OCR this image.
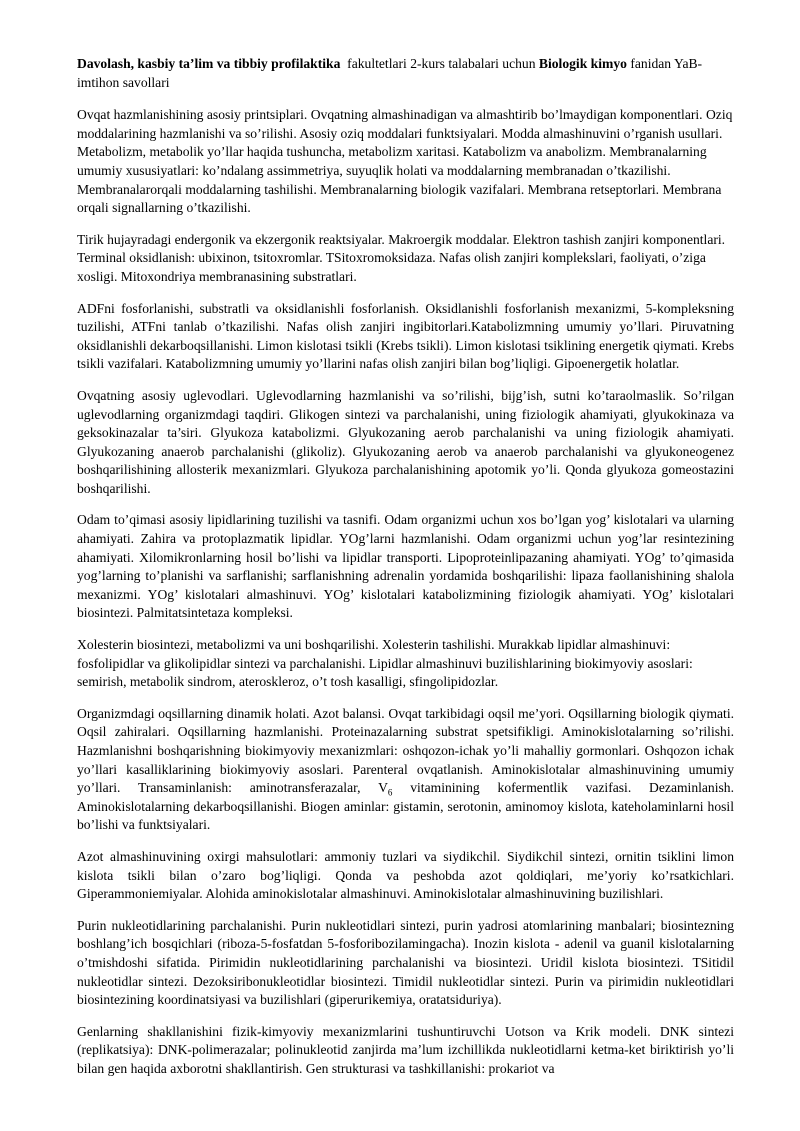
Davolash, kasbiy ta’lim va tibbiy profilaktika  fakultetlari 2-kurs talabalari uchun Biologik kimyo fanidan YaB-imtihon savollari

Ovqat hazmlanishining asosiy printsiplari. Ovqatning almashinadigan va almashtirib bo’lmaydigan komponentlari. Oziq moddalarining hazmlanishi va so’rilishi. Asosiy oziq moddalari funktsiyalari. Modda almashinuvini o’rganish usullari. Metabolizm, metabolik yo’llar haqida tushuncha, metabolizm xaritasi. Katabolizm va anabolizm. Membranalarning umumiy xususiyatlari: ko’ndalang assimmetriya, suyuqlik holati va moddalarning membranadan o’tkazilishi. Membranalarorqali moddalarning tashilishi. Membranalarning biologik vazifalari. Membrana retseptorlari. Membrana orqali signallarning o’tkazilishi.

Tirik hujayradagi endergonik va ekzergonik reaktsiyalar. Makroergik moddalar. Elektron tashish zanjiri komponentlari. Terminal oksidlanish: ubixinon, tsitoxromlar. TSitoxromoksidaza. Nafas olish zanjiri komplekslari, faoliyati, o’ziga xosligi. Mitoxondriya membranasining substratlari.

ADFni fosforlanishi, substratli va oksidlanishli fosforlanish. Oksidlanishli fosforlanish mexanizmi, 5-kompleksning tuzilishi, ATFni tanlab o’tkazilishi. Nafas olish zanjiri ingibitorlari.Katabolizmning umumiy yo’llari. Piruvatning oksidlanishli dekarboqsillanishi. Limon kislotasi tsikli (Krebs tsikli). Limon kislotasi tsiklining energetik qiymati. Krebs tsikli vazifalari. Katabolizmning umumiy yo’llarini nafas olish zanjiri bilan bog’liqligi. Gipoenergetik holatlar.

Ovqatning asosiy uglevodlari. Uglevodlarning hazmlanishi va so’rilishi, bijg’ish, sutni ko’taraolmaslik. So’rilgan uglevodlarning organizmdagi taqdiri. Glikogen sintezi va parchalanishi, uning fiziologik ahamiyati, glyukokinaza va geksokinazalar ta’siri. Glyukoza katabolizmi. Glyukozaning aerob parchalanishi va uning fiziologik ahamiyati. Glyukozaning anaerob parchalanishi (glikoliz). Glyukozaning aerob va anaerob parchalanishi va glyukoneogenez boshqarilishining allosterik mexanizmlari. Glyukoza parchalanishining apotomik yo’li. Qonda glyukoza gomeostazini boshqarilishi.

Odam to’qimasi asosiy lipidlarining tuzilishi va tasnifi. Odam organizmi uchun xos bo’lgan yog’ kislotalari va ularning ahamiyati. Zahira va protoplazmatik lipidlar. YOg’larni hazmlanishi. Odam organizmi uchun yog’lar resintezining ahamiyati. Xilomikronlarning hosil bo’lishi va lipidlar transporti. Lipoproteinlipazaning ahamiyati. YOg’ to’qimasida yog’larning to’planishi va sarflanishi; sarflanishning adrenalin yordamida boshqarilishi: lipaza faollanishining shalola mexanizmi. YOg’ kislotalari almashinuvi. YOg’ kislotalari katabolizmining fiziologik ahamiyati. YOg’ kislotalari biosintezi. Palmitatsintetaza kompleksi.

Xolesterin biosintezi, metabolizmi va uni boshqarilishi. Xolesterin tashilishi. Murakkab lipidlar almashinuvi: fosfolipidlar va glikolipidlar sintezi va parchalanishi. Lipidlar almashinuvi buzilishlarining biokimyoviy asoslari: semirish, metabolik sindrom, ateroskleroz, o’t tosh kasalligi, sfingolipidozlar.

Organizmdagi oqsillarning dinamik holati. Azot balansi. Ovqat tarkibidagi oqsil me’yori. Oqsillarning biologik qiymati. Oqsil zahiralari. Oqsillarning hazmlanishi. Proteinazalarning substrat spetsifikligi. Aminokislotalarning so’rilishi. Hazmlanishni boshqarishning biokimyoviy mexanizmlari: oshqozon-ichak yo’li mahalliy gormonlari. Oshqozon ichak yo’llari kasalliklarining biokimyoviy asoslari. Parenteral ovqatlanish. Aminokislotalar almashinuvining umumiy yo’llari. Transaminlanish: aminotransferazalar, $V_6$ vitaminining kofermentlik vazifasi. Dezaminlanish. Aminokislotalarning dekarboqsillanishi. Biogen aminlar: gistamin, serotonin, aminomoy kislota, kateholaminlarni hosil bo’lishi va funktsiyalari.

Azot almashinuvining oxirgi mahsulotlari: ammoniy tuzlari va siydikchil. Siydikchil sintezi, ornitin tsiklini limon kislota tsikli bilan o’zaro bog’liqligi. Qonda va peshobda azot qoldiqlari, me’yoriy ko’rsatkichlari. Giperammoniemiyalar. Alohida aminokislotalar almashinuvi. Aminokislotalar almashinuvining buzilishlari.

Purin nukleotidlarining parchalanishi. Purin nukleotidlari sintezi, purin yadrosi atomlarining manbalari; biosintezning boshlang’ich bosqichlari (riboza-5-fosfatdan 5-fosforibozilamingacha). Inozin kislota - adenil va guanil kislotalarning o’tmishdoshi sifatida. Pirimidin nukleotidlarining parchalanishi va biosintezi. Uridil kislota biosintezi. TSitidil nukleotidlar sintezi. Dezoksiribonukleotidlar biosintezi. Timidil nukleotidlar sintezi. Purin va pirimidin nukleotidlari biosintezining koordinatsiyasi va buzilishlari (giperurikemiya, oratatsiduriya).

Genlarning shakllanishini fizik-kimyoviy mexanizmlarini tushuntiruvchi Uotson va Krik modeli. DNK sintezi (replikatsiya): DNK-polimerazalar; polinukleotid zanjirda ma’lum izchillikda nukleotidlarni ketma-ket biriktirish yo’li bilan gen haqida axborotni shakllantirish. Gen strukturasi va tashkillanishi: prokariot va
